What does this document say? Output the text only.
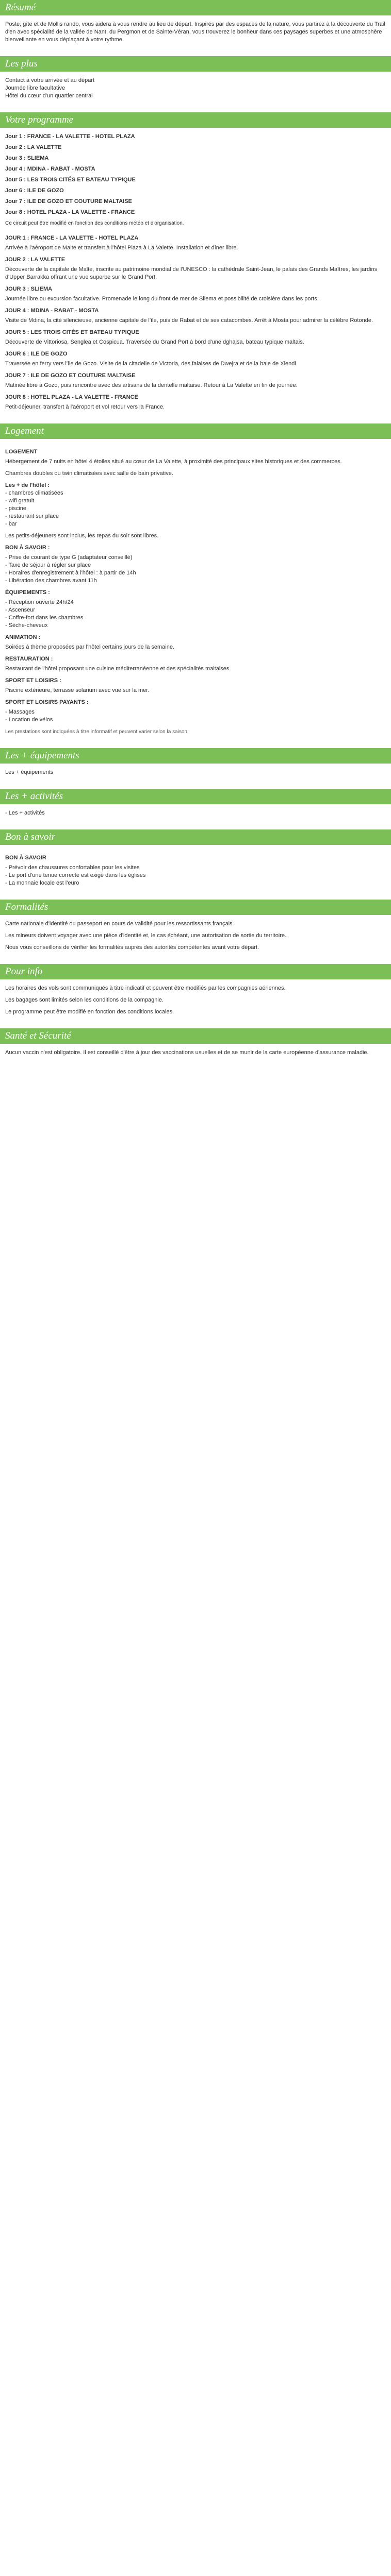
Résumé

Poste, gîte et de Mollis rando, vous aidera à vous rendre au lieu de départ. Inspirés par des espaces de la nature, vous partirez à la découverte du Trail d'en avec spécialité de la vallée de Nant, du Pergmon et de Sainte-Véran, vous trouverez le bonheur dans ces paysages superbes et une atmosphère bienveillante en vous déplaçant à votre rythme.

Les plus
Contact à votre arrivée et au départ
Journée libre facultative
Hôtel du cœur d'un quartier central
Votre programme
Jour 1 : FRANCE - LA VALETTE - HOTEL PLAZA
Jour 2 : LA VALETTE
Jour 3 : SLIEMA
Jour 4 : MDINA - RABAT - MOSTA
Jour 5 : LES TROIS CITÉS ET BATEAU TYPIQUE
Jour 6 : ILE DE GOZO
Jour 7 : ILE DE GOZO ET COUTURE MALTAISE
Jour 8 : HOTEL PLAZA - LA VALETTE - FRANCE
Ce circuit peut être modifié en fonction des conditions météo et d'organisation.
JOUR 1 : FRANCE - LA VALETTE - HOTEL PLAZA

Arrivée à l'aéroport de Malte et transfert à l'hôtel Plaza à La Valette. Installation et dîner libre.

JOUR 2 : LA VALETTE

Découverte de la capitale de Malte, inscrite au patrimoine mondial de l'UNESCO : la cathédrale Saint-Jean, le palais des Grands Maîtres, les jardins d'Upper Barrakka offrant une vue superbe sur le Grand Port.

JOUR 3 : SLIEMA

Journée libre ou excursion facultative. Promenade le long du front de mer de Sliema et possibilité de croisière dans les ports.

JOUR 4 : MDINA - RABAT - MOSTA

Visite de Mdina, la cité silencieuse, ancienne capitale de l'île, puis de Rabat et de ses catacombes. Arrêt à Mosta pour admirer la célèbre Rotonde.

JOUR 5 : LES TROIS CITÉS ET BATEAU TYPIQUE

Découverte de Vittoriosa, Senglea et Cospicua. Traversée du Grand Port à bord d'une dghajsa, bateau typique maltais.

JOUR 6 : ILE DE GOZO

Traversée en ferry vers l'île de Gozo. Visite de la citadelle de Victoria, des falaises de Dwejra et de la baie de Xlendi.

JOUR 7 : ILE DE GOZO ET COUTURE MALTAISE

Matinée libre à Gozo, puis rencontre avec des artisans de la dentelle maltaise. Retour à La Valette en fin de journée.

JOUR 8 : HOTEL PLAZA - LA VALETTE - FRANCE

Petit-déjeuner, transfert à l'aéroport et vol retour vers la France.

Logement
LOGEMENT

Hébergement de 7 nuits en hôtel 4 étoiles situé au cœur de La Valette, à proximité des principaux sites historiques et des commerces.

Chambres doubles ou twin climatisées avec salle de bain privative.

Les + de l'hôtel :
- chambres climatisées
- wifi gratuit
- piscine
- restaurant sur place
- bar

Les petits-déjeuners sont inclus, les repas du soir sont libres.

BON À SAVOIR :
- Prise de courant de type G (adaptateur conseillé)
- Taxe de séjour à régler sur place
- Horaires d'enregistrement à l'hôtel : à partir de 14h
- Libération des chambres avant 11h
ÉQUIPEMENTS :
- Réception ouverte 24h/24
- Ascenseur
- Coffre-fort dans les chambres
- Sèche-cheveux
ANIMATION :

Soirées à thème proposées par l'hôtel certains jours de la semaine.

RESTAURATION :

Restaurant de l'hôtel proposant une cuisine méditerranéenne et des spécialités maltaises.

SPORT ET LOISIRS :

Piscine extérieure, terrasse solarium avec vue sur la mer.

SPORT ET LOISIRS PAYANTS :
- Massages
- Location de vélos

Les prestations sont indiquées à titre informatif et peuvent varier selon la saison.

Les + équipements

Les + équipements

Les + activités
- Les + activités
Bon à savoir
BON À SAVOIR
- Prévoir des chaussures confortables pour les visites
- Le port d'une tenue correcte est exigé dans les églises
- La monnaie locale est l'euro
Formalités

Carte nationale d'identité ou passeport en cours de validité pour les ressortissants français.

Les mineurs doivent voyager avec une pièce d'identité et, le cas échéant, une autorisation de sortie du territoire.

Nous vous conseillons de vérifier les formalités auprès des autorités compétentes avant votre départ.

Pour info

Les horaires des vols sont communiqués à titre indicatif et peuvent être modifiés par les compagnies aériennes.

Les bagages sont limités selon les conditions de la compagnie.

Le programme peut être modifié en fonction des conditions locales.

Santé et Sécurité

Aucun vaccin n'est obligatoire. Il est conseillé d'être à jour des vaccinations usuelles et de se munir de la carte européenne d'assurance maladie.
